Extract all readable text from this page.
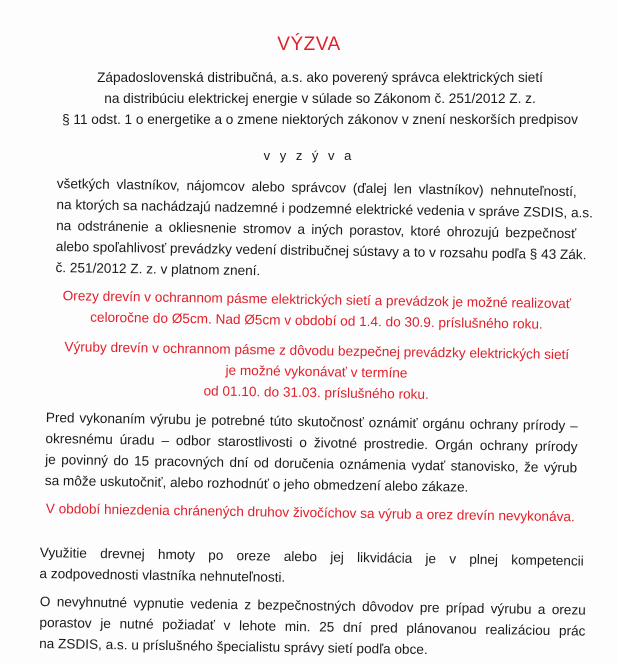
VÝZVA
Západoslovenská distribučná, a.s. ako poverený správca elektrických sietí
na distribúciu elektrickej energie v súlade so Zákonom č. 251/2012 Z. z.
§ 11 odst. 1 o energetike a o zmene niektorých zákonov v znení neskorších predpisov
v y z ý v a
všetkých vlastníkov, nájomcov alebo správcov (ďalej len vlastníkov) nehnuteľností,
na ktorých sa nachádzajú nadzemné i podzemné elektrické vedenia v správe ZSDIS, a.s.
na odstránenie a okliesnenie stromov a iných porastov, ktoré ohrozujú bezpečnosť
alebo spoľahlivosť prevádzky vedení distribučnej sústavy a to v rozsahu podľa § 43 Zák.
č. 251/2012 Z. z. v platnom znení.
Orezy drevín v ochrannom pásme elektrických sietí a prevádzok je možné realizovať
celoročne do Ø5cm. Nad Ø5cm v období od 1.4. do 30.9. príslušného roku.
Výruby drevín v ochrannom pásme z dôvodu bezpečnej prevádzky elektrických sietí
je možné vykonávať v termíne
od 01.10. do 31.03. príslušného roku.
Pred vykonaním výrubu je potrebné túto skutočnosť oznámiť orgánu ochrany prírody –
okresnému úradu – odbor starostlivosti o životné prostredie. Orgán ochrany prírody
je povinný do 15 pracovných dní od doručenia oznámenia vydať stanovisko, že výrub
sa môže uskutočniť, alebo rozhodnúť o jeho obmedzení alebo zákaze.
V období hniezdenia chránených druhov živočíchov sa výrub a orez drevín nevykonáva.
Využitie drevnej hmoty po oreze alebo jej likvidácia je v plnej kompetencii
a zodpovednosti vlastníka nehnuteľnosti.
O nevyhnutné vypnutie vedenia z bezpečnostných dôvodov pre prípad výrubu a orezu
porastov je nutné požiadať v lehote min. 25 dní pred plánovanou realizáciou prác
na ZSDIS, a.s. u príslušného špecialistu správy sietí podľa obce.
